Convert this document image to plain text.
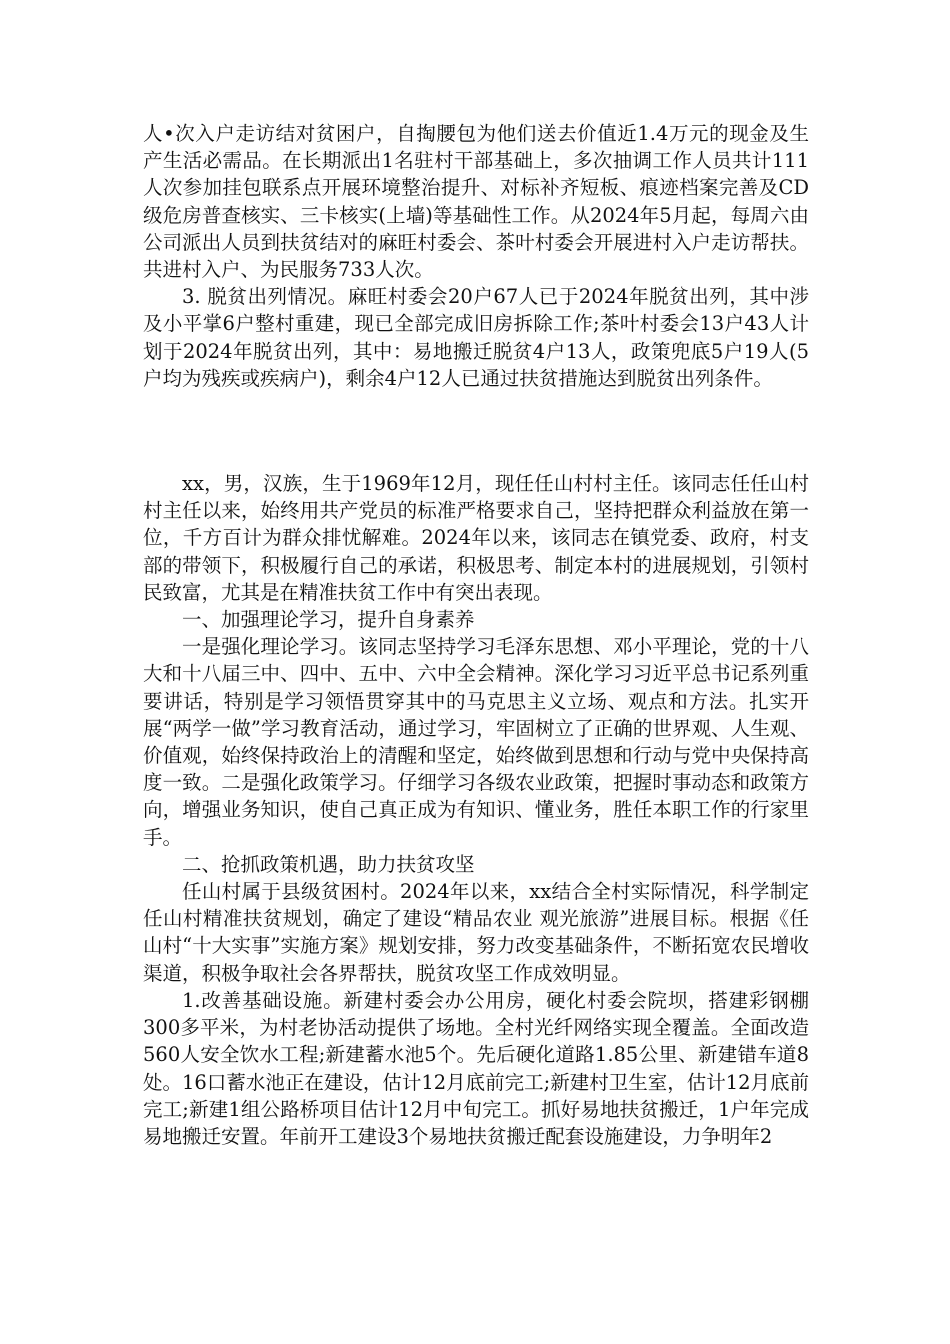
人•次入户走访结对贫困户，自掏腰包为他们送去价值近1.4万元的现金及生产生活必需品。在长期派出1名驻村干部基础上，多次抽调工作人员共计111人次参加挂包联系点开展环境整治提升、对标补齐短板、痕迹档案完善及CD级危房普查核实、三卡核实(上墙)等基础性工作。从2024年5月起，每周六由公司派出人员到扶贫结对的麻旺村委会、茶叶村委会开展进村入户走访帮扶。共进村入户、为民服务733人次。

3. 脱贫出列情况。麻旺村委会20户67人已于2024年脱贫出列，其中涉及小平掌6户整村重建，现已全部完成旧房拆除工作;茶叶村委会13户43人计划于2024年脱贫出列，其中：易地搬迁脱贫4户13人，政策兜底5户19人(5户均为残疾或疾病户)，剩余4户12人已通过扶贫措施达到脱贫出列条件。

xx，男，汉族，生于1969年12月，现任任山村村主任。该同志任任山村村主任以来，始终用共产党员的标准严格要求自己，坚持把群众利益放在第一位，千方百计为群众排忧解难。2024年以来，该同志在镇党委、政府，村支部的带领下，积极履行自己的承诺，积极思考、制定本村的进展规划，引领村民致富，尤其是在精准扶贫工作中有突出表现。

一、加强理论学习，提升自身素养

一是强化理论学习。该同志坚持学习毛泽东思想、邓小平理论，党的十八大和十八届三中、四中、五中、六中全会精神。深化学习习近平总书记系列重要讲话，特别是学习领悟贯穿其中的马克思主义立场、观点和方法。扎实开展“两学一做”学习教育活动，通过学习，牢固树立了正确的世界观、人生观、价值观，始终保持政治上的清醒和坚定，始终做到思想和行动与党中央保持高度一致。二是强化政策学习。仔细学习各级农业政策，把握时事动态和政策方向，增强业务知识，使自己真正成为有知识、懂业务，胜任本职工作的行家里手。

二、抢抓政策机遇，助力扶贫攻坚

任山村属于县级贫困村。2024年以来，xx结合全村实际情况，科学制定任山村精准扶贫规划，确定了建设“精品农业 观光旅游”进展目标。根据《任山村“十大实事”实施方案》规划安排，努力改变基础条件，不断拓宽农民增收渠道，积极争取社会各界帮扶，脱贫攻坚工作成效明显。

1.改善基础设施。新建村委会办公用房，硬化村委会院坝，搭建彩钢棚300多平米，为村老协活动提供了场地。全村光纤网络实现全覆盖。全面改造560人安全饮水工程;新建蓄水池5个。先后硬化道路1.85公里、新建错车道8处。16口蓄水池正在建设，估计12月底前完工;新建村卫生室，估计12月底前完工;新建1组公路桥项目估计12月中旬完工。抓好易地扶贫搬迁，1户年完成易地搬迁安置。年前开工建设3个易地扶贫搬迁配套设施建设，力争明年2
